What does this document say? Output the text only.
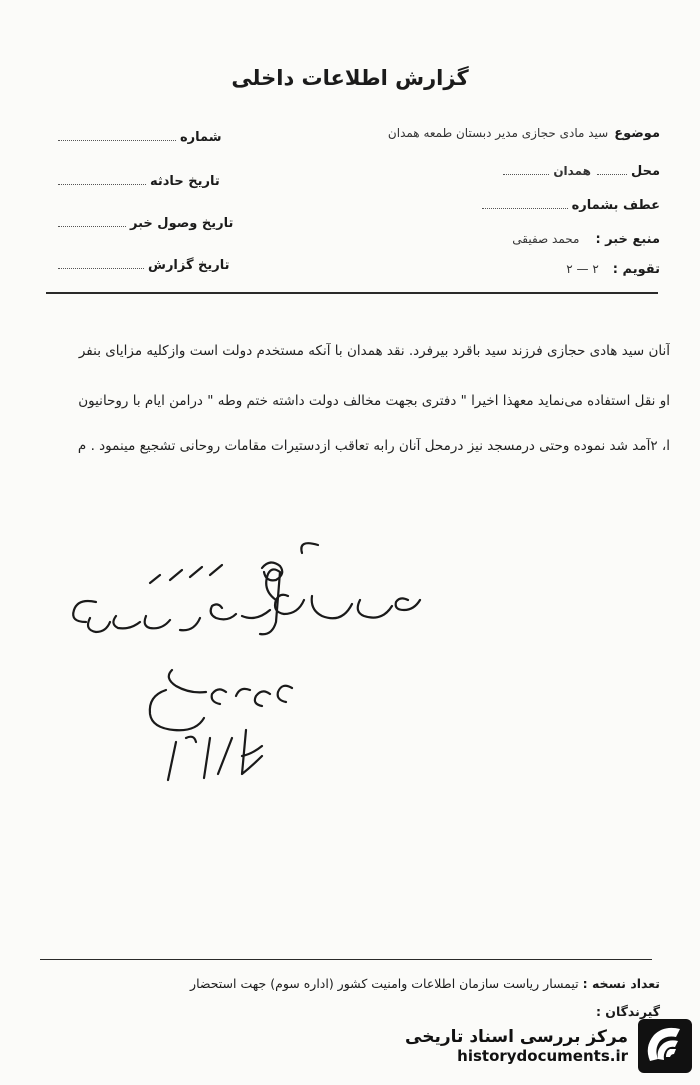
گزارش اطلاعات داخلی
شماره
تاریخ حادثه
تاریخ وصول خبر
تاریخ گزارش
موضوع
سید مادی حجازی مدیر دبستان طمعه همدان
محل
همدان
عطف بشماره
منبع خبر :
محمد صفیقی
تقویم :
۲ — ۲
آنان سید هادی حجازی فرزند سید باقرد بیرفرد. نقد همدان با آنکه مستخدم دولت است وازکلیه مزایای بنفر
او نقل استفاده می‌نماید معهذا اخیرا " دفتری بجهت مخالف دولت داشته ختم وطه " درامن ایام با روحانیون
ا، ۲آمد شد نموده وحتی درمسجد نیز درمحل آنان رابه تعاقب ازدستیرات مقامات روحانی تشجیع مینمود . م
تعداد نسخه : تیمسار ریاست سازمان اطلاعات وامنیت کشور (اداره سوم) جهت استحضار
گیرندگان :
مرکز بررسی اسناد تاریخی
historydocuments.ir
